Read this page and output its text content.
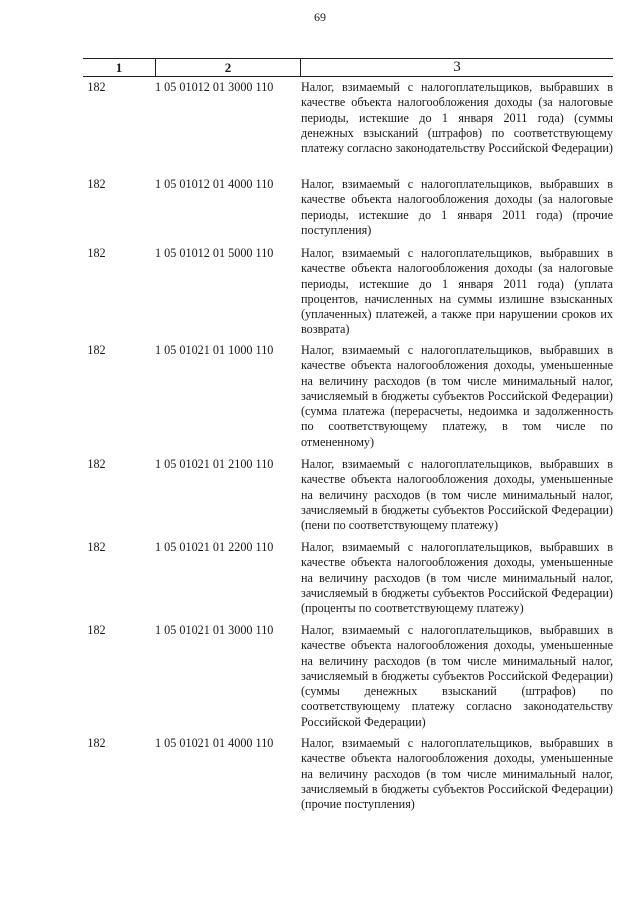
69
1	2	3
182	1 05 01012 01 3000 110	Налог, взимаемый с налогоплательщиков, выбравших в качестве объекта налогообложения доходы (за налоговые периоды, истекшие до 1 января 2011 года) (суммы денежных взысканий (штрафов) по соответствующему платежу согласно законодательству Российской Федерации)
182	1 05 01012 01 4000 110	Налог, взимаемый с налогоплательщиков, выбравших в качестве объекта налогообложения доходы (за налоговые периоды, истекшие до 1 января 2011 года) (прочие поступления)
182	1 05 01012 01 5000 110	Налог, взимаемый с налогоплательщиков, выбравших в качестве объекта налогообложения доходы (за налоговые периоды, истекшие до 1 января 2011 года) (уплата процентов, начисленных на суммы излишне взысканных (уплаченных) платежей, а также при нарушении сроков их возврата)
182	1 05 01021 01 1000 110	Налог, взимаемый с налогоплательщиков, выбравших в качестве объекта налогообложения доходы, уменьшенные на величину расходов (в том числе минимальный налог, зачисляемый в бюджеты субъектов Российской Федерации) (сумма платежа (перерасчеты, недоимка и задолженность по соответствующему платежу, в том числе по отмененному)
182	1 05 01021 01 2100 110	Налог, взимаемый с налогоплательщиков, выбравших в качестве объекта налогообложения доходы, уменьшенные на величину расходов (в том числе минимальный налог, зачисляемый в бюджеты субъектов Российской Федерации) (пени по соответствующему платежу)
182	1 05 01021 01 2200 110	Налог, взимаемый с налогоплательщиков, выбравших в качестве объекта налогообложения доходы, уменьшенные на величину расходов (в том числе минимальный налог, зачисляемый в бюджеты субъектов Российской Федерации) (проценты по соответствующему платежу)
182	1 05 01021 01 3000 110	Налог, взимаемый с налогоплательщиков, выбравших в качестве объекта налогообложения доходы, уменьшенные на величину расходов (в том числе минимальный налог, зачисляемый в бюджеты субъектов Российской Федерации) (суммы денежных взысканий (штрафов) по соответствующему платежу согласно законодательству Российской Федерации)
182	1 05 01021 01 4000 110	Налог, взимаемый с налогоплательщиков, выбравших в качестве объекта налогообложения доходы, уменьшенные на величину расходов (в том числе минимальный налог, зачисляемый в бюджеты субъектов Российской Федерации) (прочие поступления)
